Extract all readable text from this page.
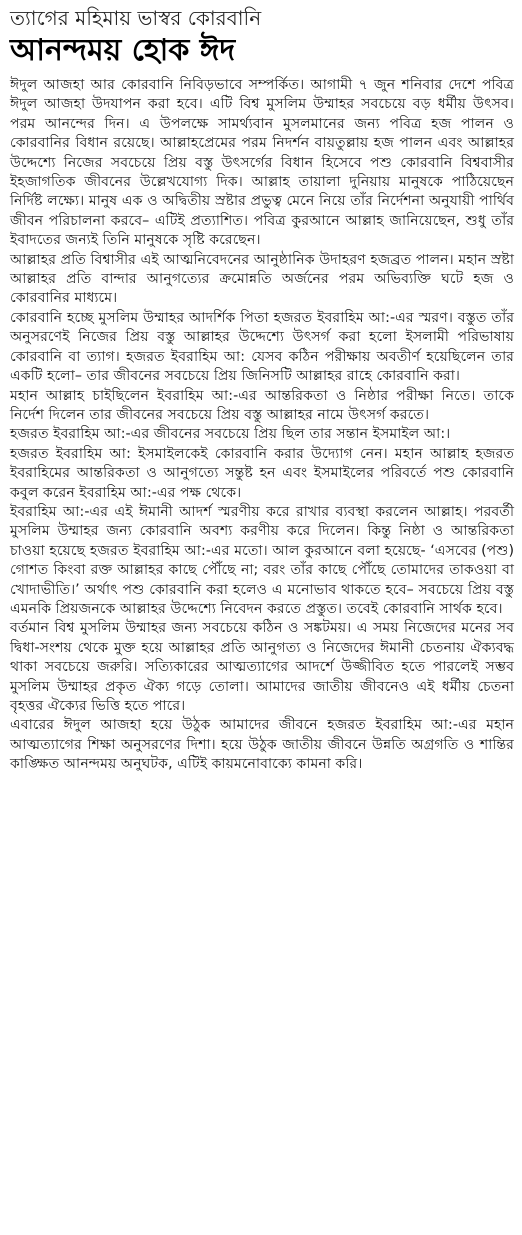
ত্যাগের মহিমায় ভাস্বর কোরবানি
আনন্দময় হোক ঈদ

ঈদুল আজহা আর কোরবানি নিবিড়ভাবে সম্পর্কিত। আগামী ৭ জুন শনিবার দেশে পবিত্র ঈদুল আজহা উদযাপন করা হবে। এটি বিশ্ব মুসলিম উম্মাহর সবচেয়ে বড় ধর্মীয় উৎসব। পরম আনন্দের দিন। এ উপলক্ষে সামর্থ্যবান মুসলমানের জন্য পবিত্র হজ পালন ও কোরবানির বিধান রয়েছে। আল্লাহপ্রেমের পরম নিদর্শন বায়তুল্লায় হজ পালন এবং আল্লাহর উদ্দেশ্যে নিজের সবচেয়ে প্রিয় বস্তু উৎসর্গের বিধান হিসেবে পশু কোরবানি বিশ্ববাসীর ইহজাগতিক জীবনের উল্লেখযোগ্য দিক। আল্লাহ তায়ালা দুনিয়ায় মানুষকে পাঠিয়েছেন নির্দিষ্ট লক্ষ্যে। মানুষ এক ও অদ্বিতীয় স্রষ্টার প্রভুত্ব মেনে নিয়ে তাঁর নির্দেশনা অনুযায়ী পার্থিব জীবন পরিচালনা করবে– এটিই প্রত্যাশিত। পবিত্র কুরআনে আল্লাহ জানিয়েছেন, শুধু তাঁর ইবাদতের জন্যই তিনি মানুষকে সৃষ্টি করেছেন।

আল্লাহর প্রতি বিশ্বাসীর এই আত্মনিবেদনের আনুষ্ঠানিক উদাহরণ হজব্রত পালন। মহান স্রষ্টা আল্লাহর প্রতি বান্দার আনুগত্যের ক্রমোন্নতি অর্জনের পরম অভিব্যক্তি ঘটে হজ ও কোরবানির মাধ্যমে।

কোরবানি হচ্ছে মুসলিম উম্মাহর আদর্শিক পিতা হজরত ইবরাহিম আ:-এর স্মরণ। বস্তুত তাঁর অনুসরণেই নিজের প্রিয় বস্তু আল্লাহর উদ্দেশ্যে উৎসর্গ করা হলো ইসলামী পরিভাষায় কোরবানি বা ত্যাগ। হজরত ইবরাহিম আ: যেসব কঠিন পরীক্ষায় অবতীর্ণ হয়েছিলেন তার একটি হলো– তার জীবনের সবচেয়ে প্রিয় জিনিসটি আল্লাহর রাহে কোরবানি করা।

মহান আল্লাহ চাইছিলেন ইবরাহিম আ:-এর আন্তরিকতা ও নিষ্ঠার পরীক্ষা নিতে। তাকে নির্দেশ দিলেন তার জীবনের সবচেয়ে প্রিয় বস্তু আল্লাহর নামে উৎসর্গ করতে।

হজরত ইবরাহিম আ:-এর জীবনের সবচেয়ে প্রিয় ছিল তার সন্তান ইসমাইল আ:।

হজরত ইবরাহিম আ: ইসমাইলকেই কোরবানি করার উদ্যোগ নেন। মহান আল্লাহ হজরত ইবরাহিমের আন্তরিকতা ও আনুগত্যে সন্তুষ্ট হন এবং ইসমাইলের পরিবর্তে পশু কোরবানি কবুল করেন ইবরাহিম আ:-এর পক্ষ থেকে।

ইবরাহিম আ:-এর এই ঈমানী আদর্শ স্মরণীয় করে রাখার ব্যবস্থা করলেন আল্লাহ। পরবর্তী মুসলিম উম্মাহর জন্য কোরবানি অবশ্য করণীয় করে দিলেন। কিন্তু নিষ্ঠা ও আন্তরিকতা চাওয়া হয়েছে হজরত ইবরাহিম আ:-এর মতো। আল কুরআনে বলা হয়েছে- ‘এসবের (পশু) গোশত কিংবা রক্ত আল্লাহর কাছে পৌঁছে না; বরং তাঁর কাছে পৌঁছে তোমাদের তাকওয়া বা খোদাভীতি।’ অর্থাৎ পশু কোরবানি করা হলেও এ মনোভাব থাকতে হবে– সবচেয়ে প্রিয় বস্তু এমনকি প্রিয়জনকে আল্লাহর উদ্দেশ্যে নিবেদন করতে প্রস্তুত। তবেই কোরবানি সার্থক হবে।

বর্তমান বিশ্ব মুসলিম উম্মাহর জন্য সবচেয়ে কঠিন ও সঙ্কটময়। এ সময় নিজেদের মনের সব দ্বিধা-সংশয় থেকে মুক্ত হয়ে আল্লাহর প্রতি আনুগত্য ও নিজেদের ঈমানী চেতনায় ঐক্যবদ্ধ থাকা সবচেয়ে জরুরি। সত্যিকারের আত্মত্যাগের আদর্শে উজ্জীবিত হতে পারলেই সম্ভব মুসলিম উম্মাহর প্রকৃত ঐক্য গড়ে তোলা। আমাদের জাতীয় জীবনেও এই ধর্মীয় চেতনা বৃহত্তর ঐক্যের ভিত্তি হতে পারে।

এবারের ঈদুল আজহা হয়ে উঠুক আমাদের জীবনে হজরত ইবরাহিম আ:-এর মহান আত্মত্যাগের শিক্ষা অনুসরণের দিশা। হয়ে উঠুক জাতীয় জীবনে উন্নতি অগ্রগতি ও শান্তির কাঙ্ক্ষিত আনন্দময় অনুঘটক, এটিই কায়মনোবাক্যে কামনা করি।
